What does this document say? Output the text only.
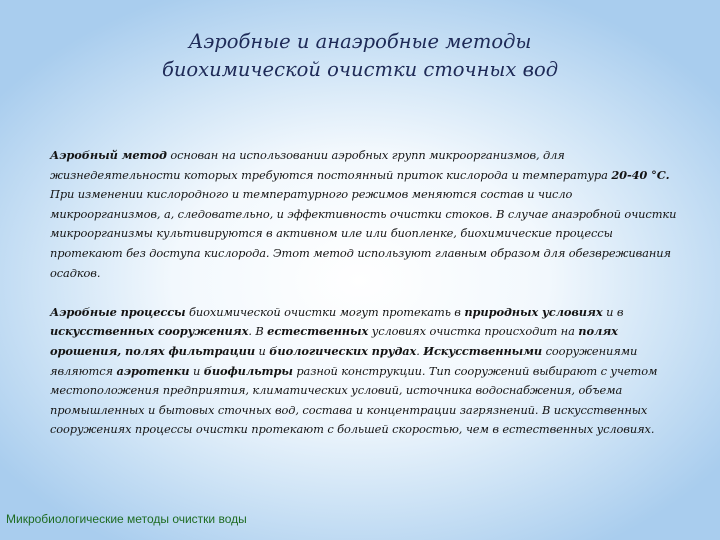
Аэробные и анаэробные методы
биохимической очистки сточных вод

Аэробный метод основан на использовании аэробных групп микроорганизмов, для жизнедеятельности которых требуются постоянный приток кислорода и температура 20-40 °С. При изменении кислородного и температурного режимов меняются состав и число микроорганизмов, а, следовательно, и эффективность очистки стоков. В случае анаэробной очистки микроорганизмы культивируются в активном иле или биопленке, биохимические процессы протекают без доступа кислорода. Этот метод используют главным образом для обезвреживания осадков.

Аэробные процессы биохимической очистки могут протекать в природных условиях и в искусственных сооружениях. В естественных условиях очистка происходит на полях орошения, полях фильтрации и биологических прудах. Искусственными сооружениями являются аэротенки и биофильтры разной конструкции. Тип сооружений выбирают с учетом местоположения предприятия, климатических условий, источника водоснабжения, объема промышленных и бытовых сточных вод, состава и концентрации загрязнений. В искусственных сооружениях процессы очистки протекают с большей скоростью, чем в естественных условиях.

Микробиологические методы очистки воды
